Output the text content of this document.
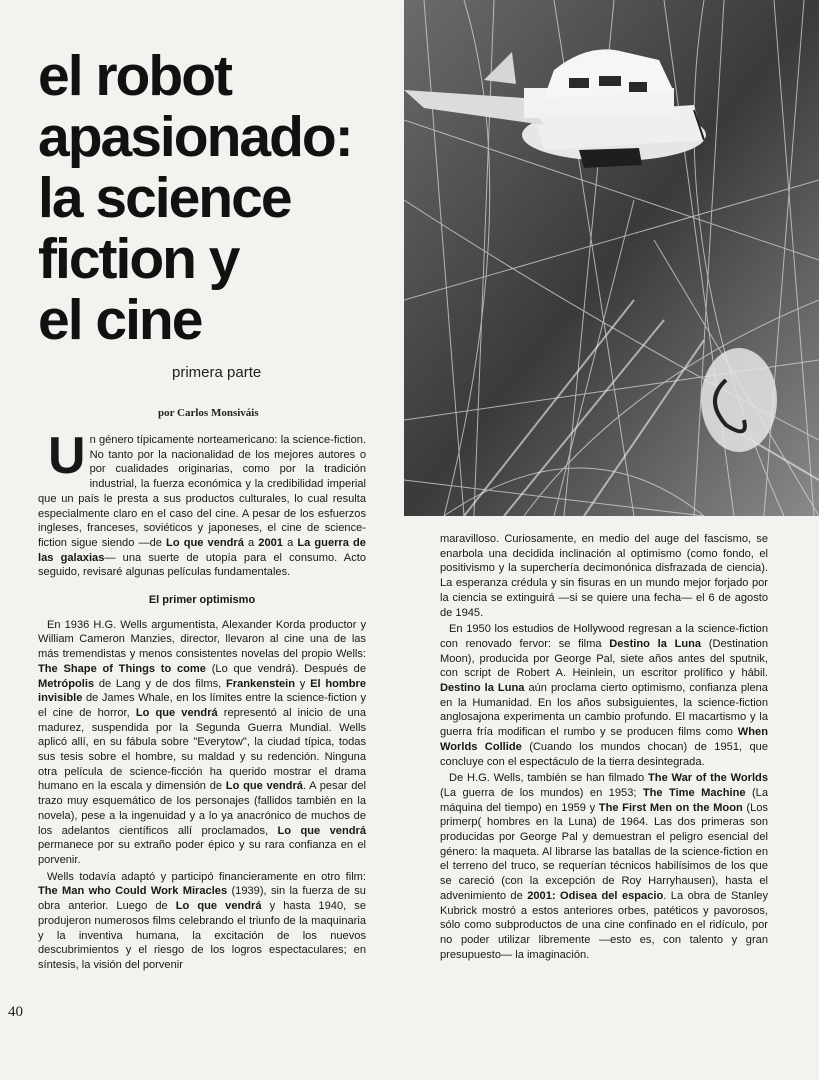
el robot
apasionado:
la science
fiction y
el cine
primera parte
por Carlos Monsiváis

Un género típicamente norteamericano: la science-fiction. No tanto por la nacionalidad de los mejores autores o por cualidades originarias, como por la tradición industrial, la fuerza económica y la credibilidad imperial que un país le presta a sus productos culturales, lo cual resulta especialmente claro en el caso del cine. A pesar de los esfuerzos ingleses, franceses, soviéticos y japoneses, el cine de science-fiction sigue siendo —de Lo que vendrá a 2001 a La guerra de las galaxias— una suerte de utopía para el consumo. Acto seguido, revisaré algunas películas fundamentales.

El primer optimismo

En 1936 H.G. Wells argumentista, Alexander Korda productor y William Cameron Manzies, director, llevaron al cine una de las más tremendistas y menos consistentes novelas del propio Wells: The Shape of Things to come (Lo que vendrá). Después de Metrópolis de Lang y de dos films, Frankenstein y El hombre invisible de James Whale, en los límites entre la science-fiction y el cine de horror, Lo que vendrá representó al inicio de una madurez, suspendida por la Segunda Guerra Mundial. Wells aplicó allí, en su fábula sobre "Everytow", la ciudad típica, todas sus tesis sobre el hombre, su maldad y su redención. Ninguna otra película de science-ficción ha querido mostrar el drama humano en la escala y dimensión de Lo que vendrá. A pesar del trazo muy esquemático de los personajes (fallidos también en la novela), pese a la ingenuidad y a lo ya anacrónico de muchos de los adelantos científicos allí proclamados, Lo que vendrá permanece por su extraño poder épico y su rara confianza en el porvenir.

Wells todavía adaptó y participó financieramente en otro film: The Man who Could Work Miracles (1939), sin la fuerza de su obra anterior. Luego de Lo que vendrá y hasta 1940, se produjeron numerosos films celebrando el triunfo de la maquinaria y la inventiva humana, la excitación de los nuevos descubrimientos y el riesgo de los logros espectaculares; en síntesis, la visión del porvenir

maravilloso. Curiosamente, en medio del auge del fascismo, se enarbola una decidida inclinación al optimismo (como fondo, el positivismo y la superchería decimonónica disfrazada de ciencia). La esperanza crédula y sin fisuras en un mundo mejor forjado por la ciencia se extinguirá —si se quiere una fecha— el 6 de agosto de 1945.

En 1950 los estudios de Hollywood regresan a la science-fiction con renovado fervor: se filma Destino la Luna (Destination Moon), producida por George Pal, siete años antes del sputnik, con script de Robert A. Heinlein, un escritor prolífico y hábil. Destino la Luna aún proclama cierto optimismo, confianza plena en la Humanidad. En los años subsiguientes, la science-fiction anglosajona experimenta un cambio profundo. El macartismo y la guerra fría modifican el rumbo y se producen films como When Worlds Collide (Cuando los mundos chocan) de 1951, que concluye con el espectáculo de la tierra desintegrada.

De H.G. Wells, también se han filmado The War of the Worlds (La guerra de los mundos) en 1953; The Time Machine (La máquina del tiempo) en 1959 y The First Men on the Moon (Los primerp( hombres en la Luna) de 1964. Las dos primeras son producidas por George Pal y demuestran el peligro esencial del género: la maqueta. Al librarse las batallas de la science-fiction en el terreno del truco, se requerían técnicos habilísimos de los que se careció (con la excepción de Roy Harryhausen), hasta el advenimiento de 2001: Odisea del espacio. La obra de Stanley Kubrick mostró a estos anteriores orbes, patéticos y pavorosos, sólo como subproductos de una cine confinado en el ridículo, por no poder utilizar libremente —esto es, con talento y gran presupuesto— la imaginación.

40
